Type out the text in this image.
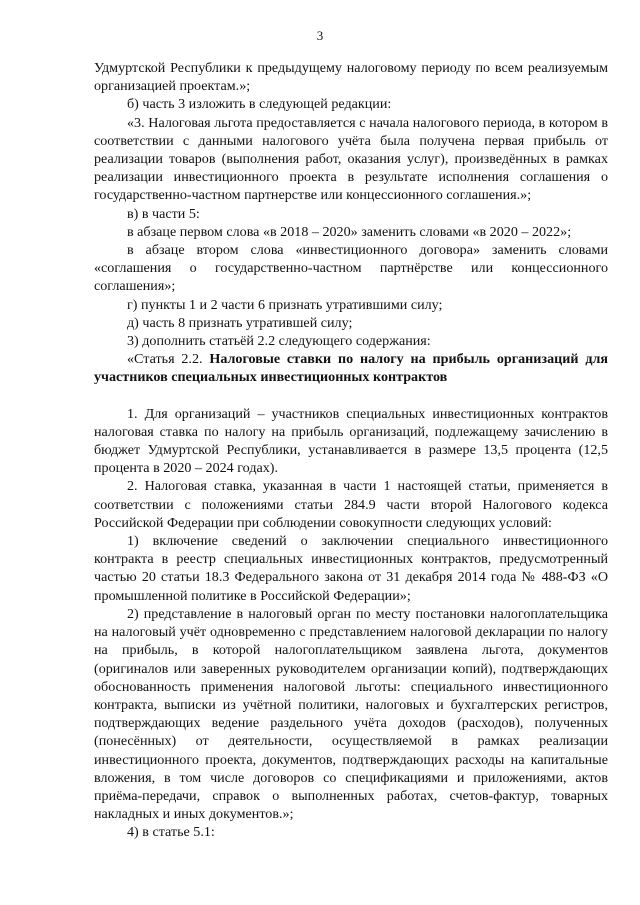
3

Удмуртской Республики к предыдущему налоговому периоду по всем реализуемым организацией проектам.»;

б) часть 3 изложить в следующей редакции:

«3. Налоговая льгота предоставляется с начала налогового периода, в котором в соответствии с данными налогового учёта была получена первая прибыль от реализации товаров (выполнения работ, оказания услуг), произведённых в рамках реализации инвестиционного проекта в результате исполнения соглашения о государственно-частном партнерстве или концессионного соглашения.»;

в) в части 5:

в абзаце первом слова «в 2018 – 2020» заменить словами «в 2020 – 2022»;

в абзаце втором слова «инвестиционного договора» заменить словами «соглашения о государственно-частном партнёрстве или концессионного соглашения»;

г) пункты 1 и 2 части 6 признать утратившими силу;

д) часть 8 признать утратившей силу;

3) дополнить статьёй 2.2 следующего содержания:

«Статья 2.2. Налоговые ставки по налогу на прибыль организаций для участников специальных инвестиционных контрактов

1. Для организаций – участников специальных инвестиционных контрактов налоговая ставка по налогу на прибыль организаций, подлежащему зачислению в бюджет Удмуртской Республики, устанавливается в размере 13,5 процента (12,5 процента в 2020 – 2024 годах).

2. Налоговая ставка, указанная в части 1 настоящей статьи, применяется в соответствии с положениями статьи 284.9 части второй Налогового кодекса Российской Федерации при соблюдении совокупности следующих условий:

1) включение сведений о заключении специального инвестиционного контракта в реестр специальных инвестиционных контрактов, предусмотренный частью 20 статьи 18.3 Федерального закона от 31 декабря 2014 года № 488-ФЗ «О промышленной политике в Российской Федерации»;

2) представление в налоговый орган по месту постановки налогоплательщика на налоговый учёт одновременно с представлением налоговой декларации по налогу на прибыль, в которой налогоплательщиком заявлена льгота, документов (оригиналов или заверенных руководителем организации копий), подтверждающих обоснованность применения налоговой льготы: специального инвестиционного контракта, выписки из учётной политики, налоговых и бухгалтерских регистров, подтверждающих ведение раздельного учёта доходов (расходов), полученных (понесённых) от деятельности, осуществляемой в рамках реализации инвестиционного проекта, документов, подтверждающих расходы на капитальные вложения, в том числе договоров со спецификациями и приложениями, актов приёма-передачи, справок о выполненных работах, счетов-фактур, товарных накладных и иных документов.»;

4) в статье 5.1:
